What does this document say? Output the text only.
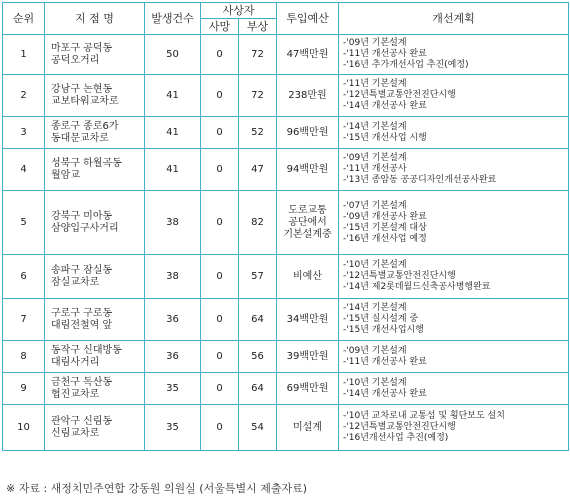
순위	지 점 명	발생건수	사상자		투입예산	개선계획
			사망	부상		
1	마포구 공덕동
공덕오거리	50	0	72	47백만원	-'09년 기본설계
-'11년 개선공사 완료
-'16년 추가개선사업 추진(예정)

2	강남구 논현동
교보타워교차로	41	0	72	238만원	-'11년 기본설계
-'12년특별교통안전진단시행
-'14년 개선공사 완료

3	종로구 종로6가
동대문교차로	41	0	52	96백만원	-'14년 기본설계
-'15년 개선사업 시행

4	성북구 하월곡동
월암교	41	0	47	94백만원	-'09년 기본설계
-'11년 개선공사
-'13년 종암동 공공디자인개선공사완료

5	강북구 미아동
삼양입구사거리	38	0	82	도로교통
공단에서
기본설계중	-'07년 기본설계
-'09년 개선공사 완료
-'15년 기본설계 대상
-'16년 개선사업 예정

6	송파구 잠실동
잠실교차로	38	0	57	비예산	-'10년 기본설계
-'12년특별교통안전진단시행
-'14년 제2롯데월드신축공사병행완료

7	구로구 구로동
대림전철역 앞	36	0	64	34백만원	-'14년 기본설계
-'15년 실시설계 중
-'15년 개선사업시행

8	동작구 신대방동
대림사거리	36	0	56	39백만원	-'09년 기본설계
-'11년 개선공사 완료

9	금천구 독산동
협진교차로	35	0	64	69백만원	-'10년 기본설계
-'14년 개선공사 완료

10	관악구 신림동
신림교차로	35	0	54	미설계	-'10년 교차로내 교통섬 및 횡단보도 설치
-'12년특별교통안전진단시행
-'16년개선사업 추진(예정)
※ 자료 : 새정치민주연합 강동원 의원실 (서울특별시 제출자료)
